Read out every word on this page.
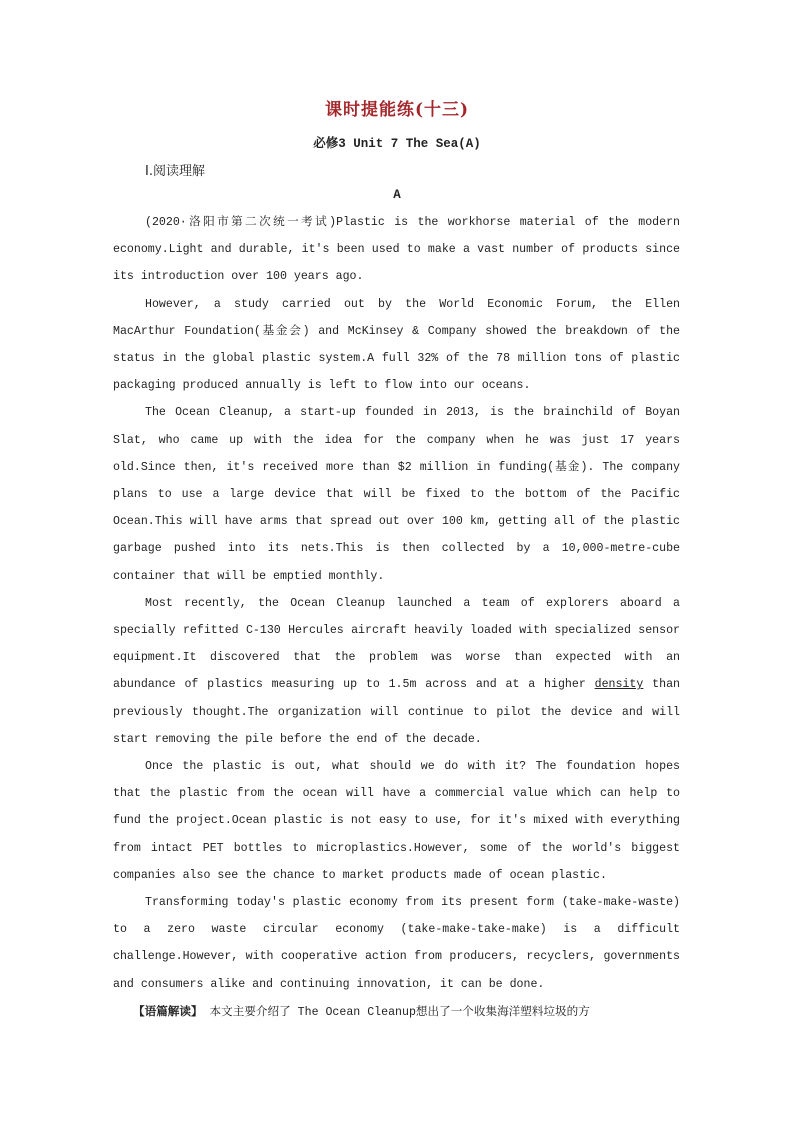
课时提能练(十三)
必修3 Unit 7 The Sea(A)
Ⅰ.阅读理解
A

(2020·洛阳市第二次统一考试)Plastic is the workhorse material of the modern economy.Light and durable, it's been used to make a vast number of products since its introduction over 100 years ago.

However, a study carried out by the World Economic Forum, the Ellen MacArthur Foundation(基金会) and McKinsey & Company showed the breakdown of the status in the global plastic system.A full 32% of the 78 million tons of plastic packaging produced annually is left to flow into our oceans.

The Ocean Cleanup, a start-up founded in 2013, is the brainchild of Boyan Slat, who came up with the idea for the company when he was just 17 years old.Since then, it's received more than $2 million in funding(基金). The company plans to use a large device that will be fixed to the bottom of the Pacific Ocean.This will have arms that spread out over 100 km, getting all of the plastic garbage pushed into its nets.This is then collected by a 10,000-metre-cube container that will be emptied monthly.

Most recently, the Ocean Cleanup launched a team of explorers aboard a specially refitted C-130 Hercules aircraft heavily loaded with specialized sensor equipment.It discovered that the problem was worse than expected with an abundance of plastics measuring up to 1.5m across and at a higher density than previously thought.The organization will continue to pilot the device and will start removing the pile before the end of the decade.

Once the plastic is out, what should we do with it? The foundation hopes that the plastic from the ocean will have a commercial value which can help to fund the project.Ocean plastic is not easy to use, for it's mixed with everything from intact PET bottles to microplastics.However, some of the world's biggest companies also see the chance to market products made of ocean plastic.

Transforming today's plastic economy from its present form (take-make-waste) to a zero waste circular economy (take-make-take-make) is a difficult challenge.However, with cooperative action from producers, recyclers, governments and consumers alike and continuing innovation, it can be done.

【语篇解读】 本文主要介绍了 The Ocean Cleanup想出了一个收集海洋塑料垃圾的方
